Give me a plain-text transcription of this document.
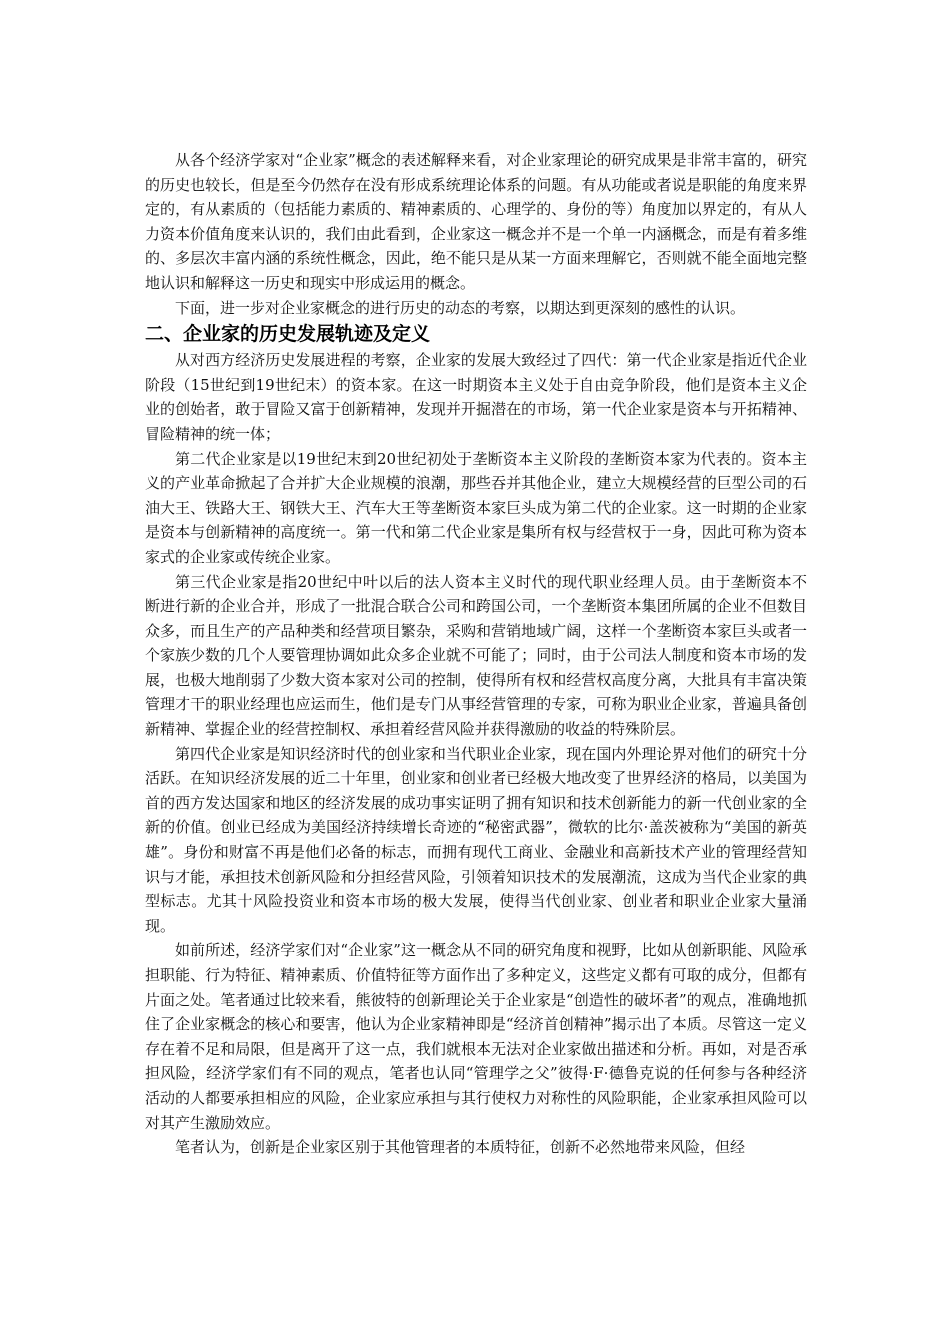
从各个经济学家对“企业家”概念的表述解释来看，对企业家理论的研究成果是非常丰富的，研究的历史也较长，但是至今仍然存在没有形成系统理论体系的问题。有从功能或者说是职能的角度来界定的，有从素质的（包括能力素质的、精神素质的、心理学的、身份的等）角度加以界定的，有从人力资本价值角度来认识的，我们由此看到，企业家这一概念并不是一个单一内涵概念，而是有着多维的、多层次丰富内涵的系统性概念，因此，绝不能只是从某一方面来理解它，否则就不能全面地完整地认识和解释这一历史和现实中形成运用的概念。

下面，进一步对企业家概念的进行历史的动态的考察，以期达到更深刻的感性的认识。

二、企业家的历史发展轨迹及定义

从对西方经济历史发展进程的考察，企业家的发展大致经过了四代：第一代企业家是指近代企业阶段（15世纪到19世纪末）的资本家。在这一时期资本主义处于自由竞争阶段，他们是资本主义企业的创始者，敢于冒险又富于创新精神，发现并开掘潜在的市场，第一代企业家是资本与开拓精神、冒险精神的统一体；

第二代企业家是以19世纪末到20世纪初处于垄断资本主义阶段的垄断资本家为代表的。资本主义的产业革命掀起了合并扩大企业规模的浪潮，那些吞并其他企业，建立大规模经营的巨型公司的石油大王、铁路大王、钢铁大王、汽车大王等垄断资本家巨头成为第二代的企业家。这一时期的企业家是资本与创新精神的高度统一。第一代和第二代企业家是集所有权与经营权于一身，因此可称为资本家式的企业家或传统企业家。

第三代企业家是指20世纪中叶以后的法人资本主义时代的现代职业经理人员。由于垄断资本不断进行新的企业合并，形成了一批混合联合公司和跨国公司，一个垄断资本集团所属的企业不但数目众多，而且生产的产品种类和经营项目繁杂，采购和营销地域广阔，这样一个垄断资本家巨头或者一个家族少数的几个人要管理协调如此众多企业就不可能了；同时，由于公司法人制度和资本市场的发展，也极大地削弱了少数大资本家对公司的控制，使得所有权和经营权高度分离，大批具有丰富决策管理才干的职业经理也应运而生，他们是专门从事经营管理的专家，可称为职业企业家，普遍具备创新精神、掌握企业的经营控制权、承担着经营风险并获得激励的收益的特殊阶层。

第四代企业家是知识经济时代的创业家和当代职业企业家，现在国内外理论界对他们的研究十分活跃。在知识经济发展的近二十年里，创业家和创业者已经极大地改变了世界经济的格局，以美国为首的西方发达国家和地区的经济发展的成功事实证明了拥有知识和技术创新能力的新一代创业家的全新的价值。创业已经成为美国经济持续增长奇迹的“秘密武器”，微软的比尔·盖茨被称为“美国的新英雄”。身份和财富不再是他们必备的标志，而拥有现代工商业、金融业和高新技术产业的管理经营知识与才能，承担技术创新风险和分担经营风险，引领着知识技术的发展潮流，这成为当代企业家的典型标志。尤其十风险投资业和资本市场的极大发展，使得当代创业家、创业者和职业企业家大量涌现。

如前所述，经济学家们对“企业家”这一概念从不同的研究角度和视野，比如从创新职能、风险承担职能、行为特征、精神素质、价值特征等方面作出了多种定义，这些定义都有可取的成分，但都有片面之处。笔者通过比较来看，熊彼特的创新理论关于企业家是“创造性的破坏者”的观点，准确地抓住了企业家概念的核心和要害，他认为企业家精神即是“经济首创精神”揭示出了本质。尽管这一定义存在着不足和局限，但是离开了这一点，我们就根本无法对企业家做出描述和分析。再如，对是否承担风险，经济学家们有不同的观点，笔者也认同“管理学之父”彼得·F·德鲁克说的任何参与各种经济活动的人都要承担相应的风险，企业家应承担与其行使权力对称性的风险职能，企业家承担风险可以对其产生激励效应。

笔者认为，创新是企业家区别于其他管理者的本质特征，创新不必然地带来风险，但经
